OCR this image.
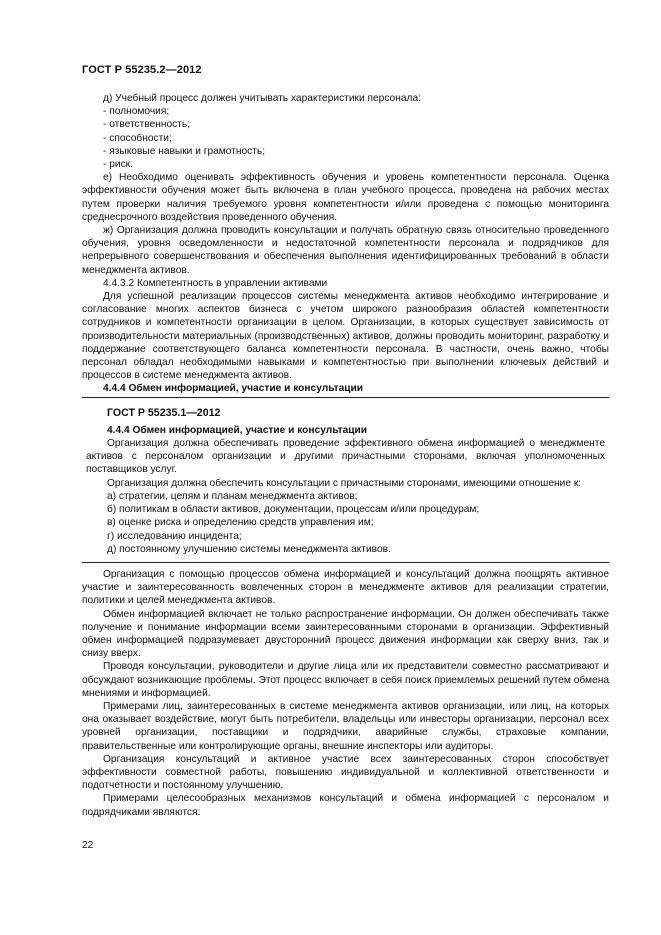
ГОСТ Р 55235.2—2012

д) Учебный процесс должен учитывать характеристики персонала:

- полномочия;

- ответственность;

- способности;

- языковые навыки и грамотность;

- риск.

е) Необходимо оценивать эффективность обучения и уровень компетентности персонала. Оценка эффективности обучения может быть включена в план учебного процесса, проведена на рабочих местах путем проверки наличия требуемого уровня компетентности и/или проведена с помощью мониторинга среднесрочного воздействия проведенного обучения.

ж) Организация должна проводить консультации и получать обратную связь относительно проведенного обучения, уровня осведомленности и недостаточной компетентности персонала и подрядчиков для непрерывного совершенствования и обеспечения выполнения идентифицированных требований в области менеджмента активов.

4.4.3.2 Компетентность в управлении активами

Для успешной реализации процессов системы менеджмента активов необходимо интегрирование и согласование многих аспектов бизнеса с учетом широкого разнообразия областей компетентности сотрудников и компетентности организации в целом. Организации, в которых существует зависимость от производительности материальных (производственных) активов, должны проводить мониторинг, разработку и поддержание соответствующего баланса компетентности персонала. В частности, очень важно, чтобы персонал обладал необходимыми навыками и компетентностью при выполнении ключевых действий и процессов в системе менеджмента активов.

4.4.4 Обмен информацией, участие и консультации

ГОСТ Р 55235.1—2012

4.4.4 Обмен информацией, участие и консультации

Организация должна обеспечивать проведение эффективного обмена информацией о менеджменте активов с персоналом организации и другими причастными сторонами, включая уполномоченных поставщиков услуг.

Организация должна обеспечить консультации с причастными сторонами, имеющими отношение к:

а) стратегии, целям и планам менеджмента активов;

б) политикам в области активов, документации, процессам и/или процедурам;

в) оценке риска и определению средств управления им;

г) исследованию инцидента;

д) постоянному улучшению системы менеджмента активов.

Организация с помощью процессов обмена информацией и консультаций должна поощрять активное участие и заинтересованность вовлеченных сторон в менеджменте активов для реализации стратегии, политики и целей менеджмента активов.

Обмен информацией включает не только распространение информации. Он должен обеспечивать также получение и понимание информации всеми заинтересованными сторонами в организации. Эффективный обмен информацией подразумевает двусторонний процесс движения информации как сверху вниз, так и снизу вверх.

Проводя консультации, руководители и другие лица или их представители совместно рассматривают и обсуждают возникающие проблемы. Этот процесс включает в себя поиск приемлемых решений путем обмена мнениями и информацией.

Примерами лиц, заинтересованных в системе менеджмента активов организации, или лиц, на которых она оказывает воздействие, могут быть потребители, владельцы или инвесторы организации, персонал всех уровней организации, поставщики и подрядчики, аварийные службы, страховые компании, правительственные или контролирующие органы, внешние инспекторы или аудиторы.

Организация консультаций и активное участие всех заинтересованных сторон способствует эффективности совместной работы, повышению индивидуальной и коллективной ответственности и подотчетности и постоянному улучшению.

Примерами целесообразных механизмов консультаций и обмена информацией с персоналом и подрядчиками являются:

22
